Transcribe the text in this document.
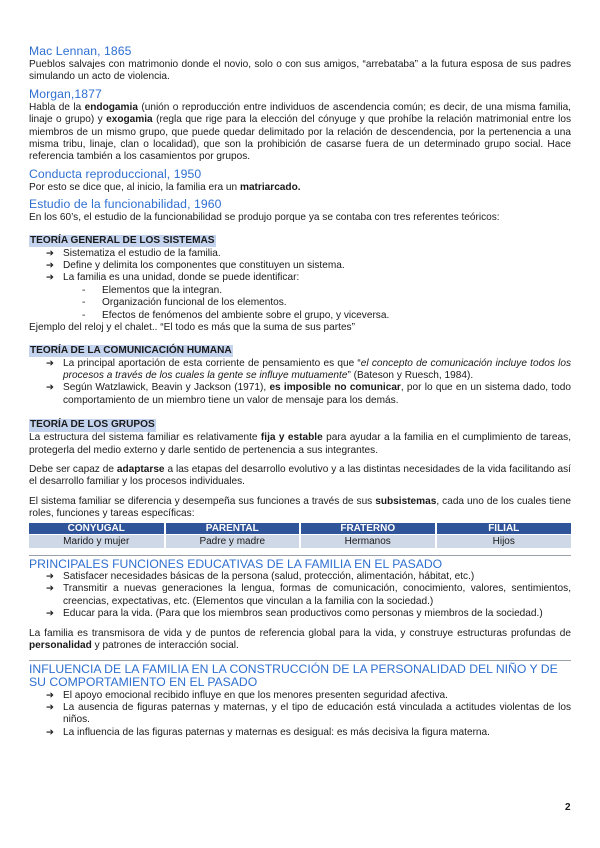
Mac Lennan, 1865

Pueblos salvajes con matrimonio donde el novio, solo o con sus amigos, “arrebataba” a la futura esposa de sus padres simulando un acto de violencia.

Morgan,1877

Habla de la endogamia (unión o reproducción entre individuos de ascendencia común; es decir, de una misma familia, linaje o grupo) y exogamia (regla que rige para la elección del cónyuge y que prohíbe la relación matrimonial entre los miembros de un mismo grupo, que puede quedar delimitado por la relación de descendencia, por la pertenencia a una misma tribu, linaje, clan o localidad), que son la prohibición de casarse fuera de un determinado grupo social. Hace referencia también a los casamientos por grupos.

Conducta reproduccional, 1950

Por esto se dice que, al inicio, la familia era un matriarcado.

Estudio de la funcionabilidad, 1960

En los 60’s, el estudio de la funcionabilidad se produjo porque ya se contaba con tres referentes teóricos:

TEORÍA GENERAL DE LOS SISTEMAS
➔ Sistematiza el estudio de la familia.
➔ Define y delimita los componentes que constituyen un sistema.
➔ La familia es una unidad, donde se puede identificar:
- Elementos que la integran.
- Organización funcional de los elementos.
- Efectos de fenómenos del ambiente sobre el grupo, y viceversa.

Ejemplo del reloj y el chalet.. “El todo es más que la suma de sus partes”

TEORÍA DE LA COMUNICACIÓN HUMANA
➔ La principal aportación de esta corriente de pensamiento es que “el concepto de comunicación incluye todos los procesos a través de los cuales la gente se influye mutuamente” (Bateson y Ruesch, 1984).
➔ Según Watzlawick, Beavin y Jackson (1971), es imposible no comunicar, por lo que en un sistema dado, todo comportamiento de un miembro tiene un valor de mensaje para los demás.
TEORÍA DE LOS GRUPOS

La estructura del sistema familiar es relativamente fija y estable para ayudar a la familia en el cumplimiento de tareas, protegerla del medio externo y darle sentido de pertenencia a sus integrantes.

Debe ser capaz de adaptarse a las etapas del desarrollo evolutivo y a las distintas necesidades de la vida facilitando así el desarrollo familiar y los procesos individuales.

El sistema familiar se diferencia y desempeña sus funciones a través de sus subsistemas, cada uno de los cuales tiene roles, funciones y tareas específicas:

CONYUGAL	PARENTAL	FRATERNO	FILIAL
Marido y mujer	Padre y madre	Hermanos	Hijos

PRINCIPALES FUNCIONES EDUCATIVAS DE LA FAMILIA EN EL PASADO

➔ Satisfacer necesidades básicas de la persona (salud, protección, alimentación, hábitat, etc.)
➔ Transmitir a nuevas generaciones la lengua, formas de comunicación, conocimiento, valores, sentimientos, creencias, expectativas, etc. (Elementos que vinculan a la familia con la sociedad.)
➔ Educar para la vida. (Para que los miembros sean productivos como personas y miembros de la sociedad.)

La familia es transmisora de vida y de puntos de referencia global para la vida, y construye estructuras profundas de personalidad y patrones de interacción social.

INFLUENCIA DE LA FAMILIA EN LA CONSTRUCCIÓN DE LA PERSONALIDAD DEL NIÑO Y DE SU COMPORTAMIENTO EN EL PASADO

➔ El apoyo emocional recibido influye en que los menores presenten seguridad afectiva.
➔ La ausencia de figuras paternas y maternas, y el tipo de educación está vinculada a actitudes violentas de los niños.
➔ La influencia de las figuras paternas y maternas es desigual: es más decisiva la figura materna.
2
